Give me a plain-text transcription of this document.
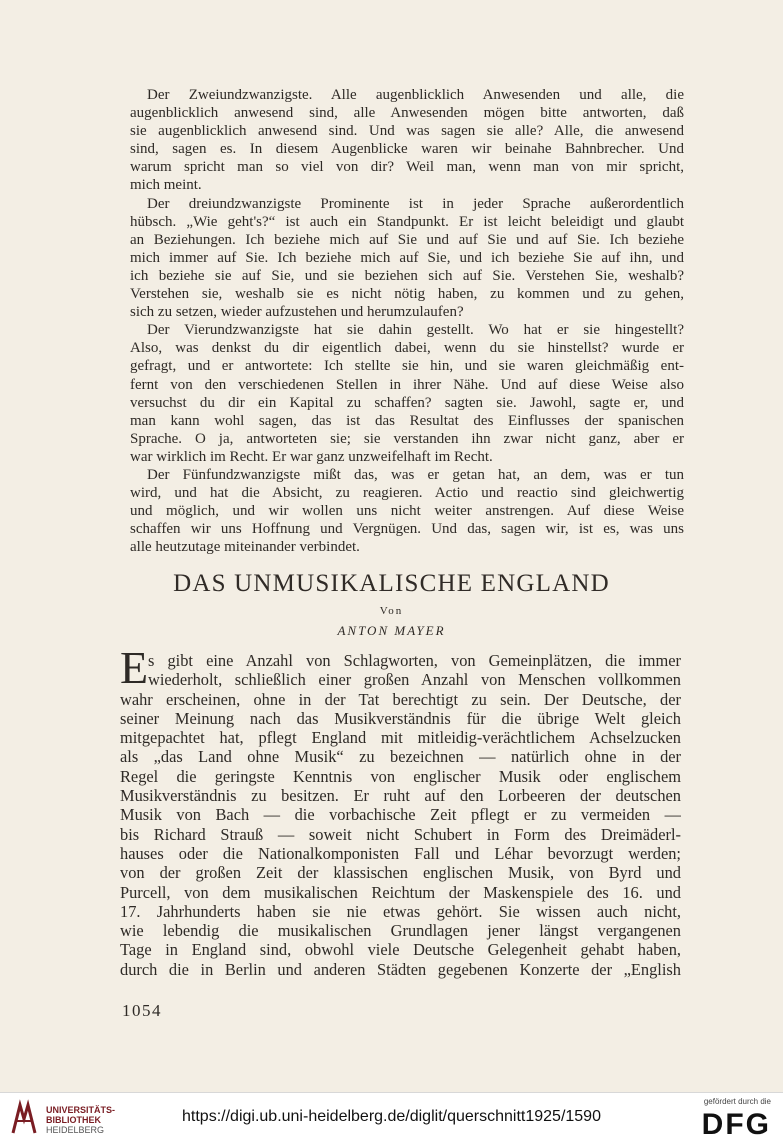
Der Zweiundzwanzigste. Alle augenblicklich Anwesenden und alle, die
augenblicklich anwesend sind, alle Anwesenden mögen bitte antworten, daß
sie augenblicklich anwesend sind. Und was sagen sie alle? Alle, die anwesend
sind, sagen es. In diesem Augenblicke waren wir beinahe Bahnbrecher. Und
warum spricht man so viel von dir? Weil man, wenn man von mir spricht,
mich meint.
Der dreiundzwanzigste Prominente ist in jeder Sprache außerordentlich
hübsch. „Wie geht's?“ ist auch ein Standpunkt. Er ist leicht beleidigt und glaubt
an Beziehungen. Ich beziehe mich auf Sie und auf Sie und auf Sie. Ich beziehe
mich immer auf Sie. Ich beziehe mich auf Sie, und ich beziehe Sie auf ihn, und
ich beziehe sie auf Sie, und sie beziehen sich auf Sie. Verstehen Sie, weshalb?
Verstehen sie, weshalb sie es nicht nötig haben, zu kommen und zu gehen,
sich zu setzen, wieder aufzustehen und herumzulaufen?
Der Vierundzwanzigste hat sie dahin gestellt. Wo hat er sie hingestellt?
Also, was denkst du dir eigentlich dabei, wenn du sie hinstellst? wurde er
gefragt, und er antwortete: Ich stellte sie hin, und sie waren gleichmäßig ent-
fernt von den verschiedenen Stellen in ihrer Nähe. Und auf diese Weise also
versuchst du dir ein Kapital zu schaffen? sagten sie. Jawohl, sagte er, und
man kann wohl sagen, das ist das Resultat des Einflusses der spanischen
Sprache. O ja, antworteten sie; sie verstanden ihn zwar nicht ganz, aber er
war wirklich im Recht. Er war ganz unzweifelhaft im Recht.
Der Fünfundzwanzigste mißt das, was er getan hat, an dem, was er tun
wird, und hat die Absicht, zu reagieren. Actio und reactio sind gleichwertig
und möglich, und wir wollen uns nicht weiter anstrengen. Auf diese Weise
schaffen wir uns Hoffnung und Vergnügen. Und das, sagen wir, ist es, was uns
alle heutzutage miteinander verbindet.
DAS UNMUSIKALISCHE ENGLAND
Von
ANTON MAYER
E s gibt eine Anzahl von Schlagworten, von Gemeinplätzen, die immer
wiederholt, schließlich einer großen Anzahl von Menschen vollkommen
wahr erscheinen, ohne in der Tat berechtigt zu sein. Der Deutsche, der
seiner Meinung nach das Musikverständnis für die übrige Welt gleich
mitgepachtet hat, pflegt England mit mitleidig-verächtlichem Achselzucken
als „das Land ohne Musik“ zu bezeichnen — natürlich ohne in der
Regel die geringste Kenntnis von englischer Musik oder englischem
Musikverständnis zu besitzen. Er ruht auf den Lorbeeren der deutschen
Musik von Bach — die vorbachische Zeit pflegt er zu vermeiden —
bis Richard Strauß — soweit nicht Schubert in Form des Dreimäderl-
hauses oder die Nationalkomponisten Fall und Léhar bevorzugt werden;
von der großen Zeit der klassischen englischen Musik, von Byrd und
Purcell, von dem musikalischen Reichtum der Maskenspiele des 16. und
17. Jahrhunderts haben sie nie etwas gehört. Sie wissen auch nicht,
wie lebendig die musikalischen Grundlagen jener längst vergangenen
Tage in England sind, obwohl viele Deutsche Gelegenheit gehabt haben,
durch die in Berlin und anderen Städten gegebenen Konzerte der „English
1054
UNIVERSITÄTS-
BIBLIOTHEK
HEIDELBERG
https://digi.ub.uni-heidelberg.de/diglit/querschnitt1925/1590
gefördert durch die
DFG
